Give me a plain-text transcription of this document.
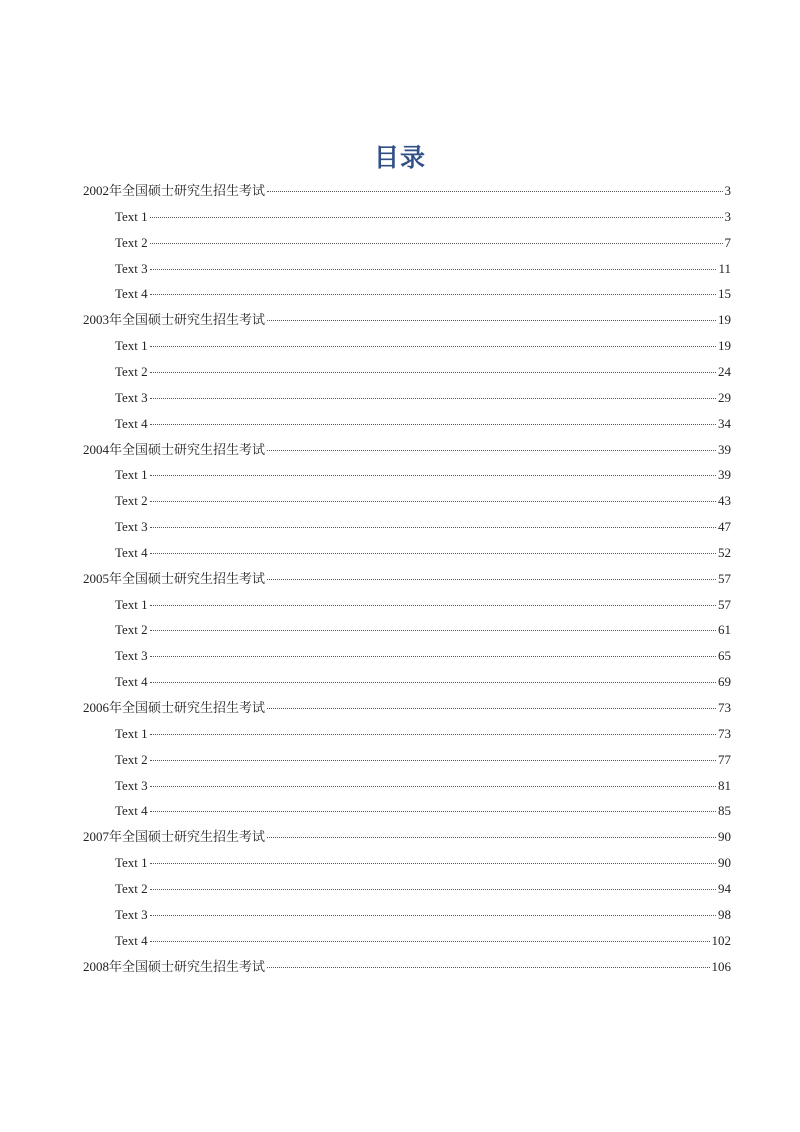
目录
2002年全国硕士研究生招生考试	3
Text 1	3
Text 2	7
Text 3	11
Text 4	15
2003年全国硕士研究生招生考试	19
Text 1	19
Text 2	24
Text 3	29
Text 4	34
2004年全国硕士研究生招生考试	39
Text 1	39
Text 2	43
Text 3	47
Text 4	52
2005年全国硕士研究生招生考试	57
Text 1	57
Text 2	61
Text 3	65
Text 4	69
2006年全国硕士研究生招生考试	73
Text 1	73
Text 2	77
Text 3	81
Text 4	85
2007年全国硕士研究生招生考试	90
Text 1	90
Text 2	94
Text 3	98
Text 4	102
2008年全国硕士研究生招生考试	106
